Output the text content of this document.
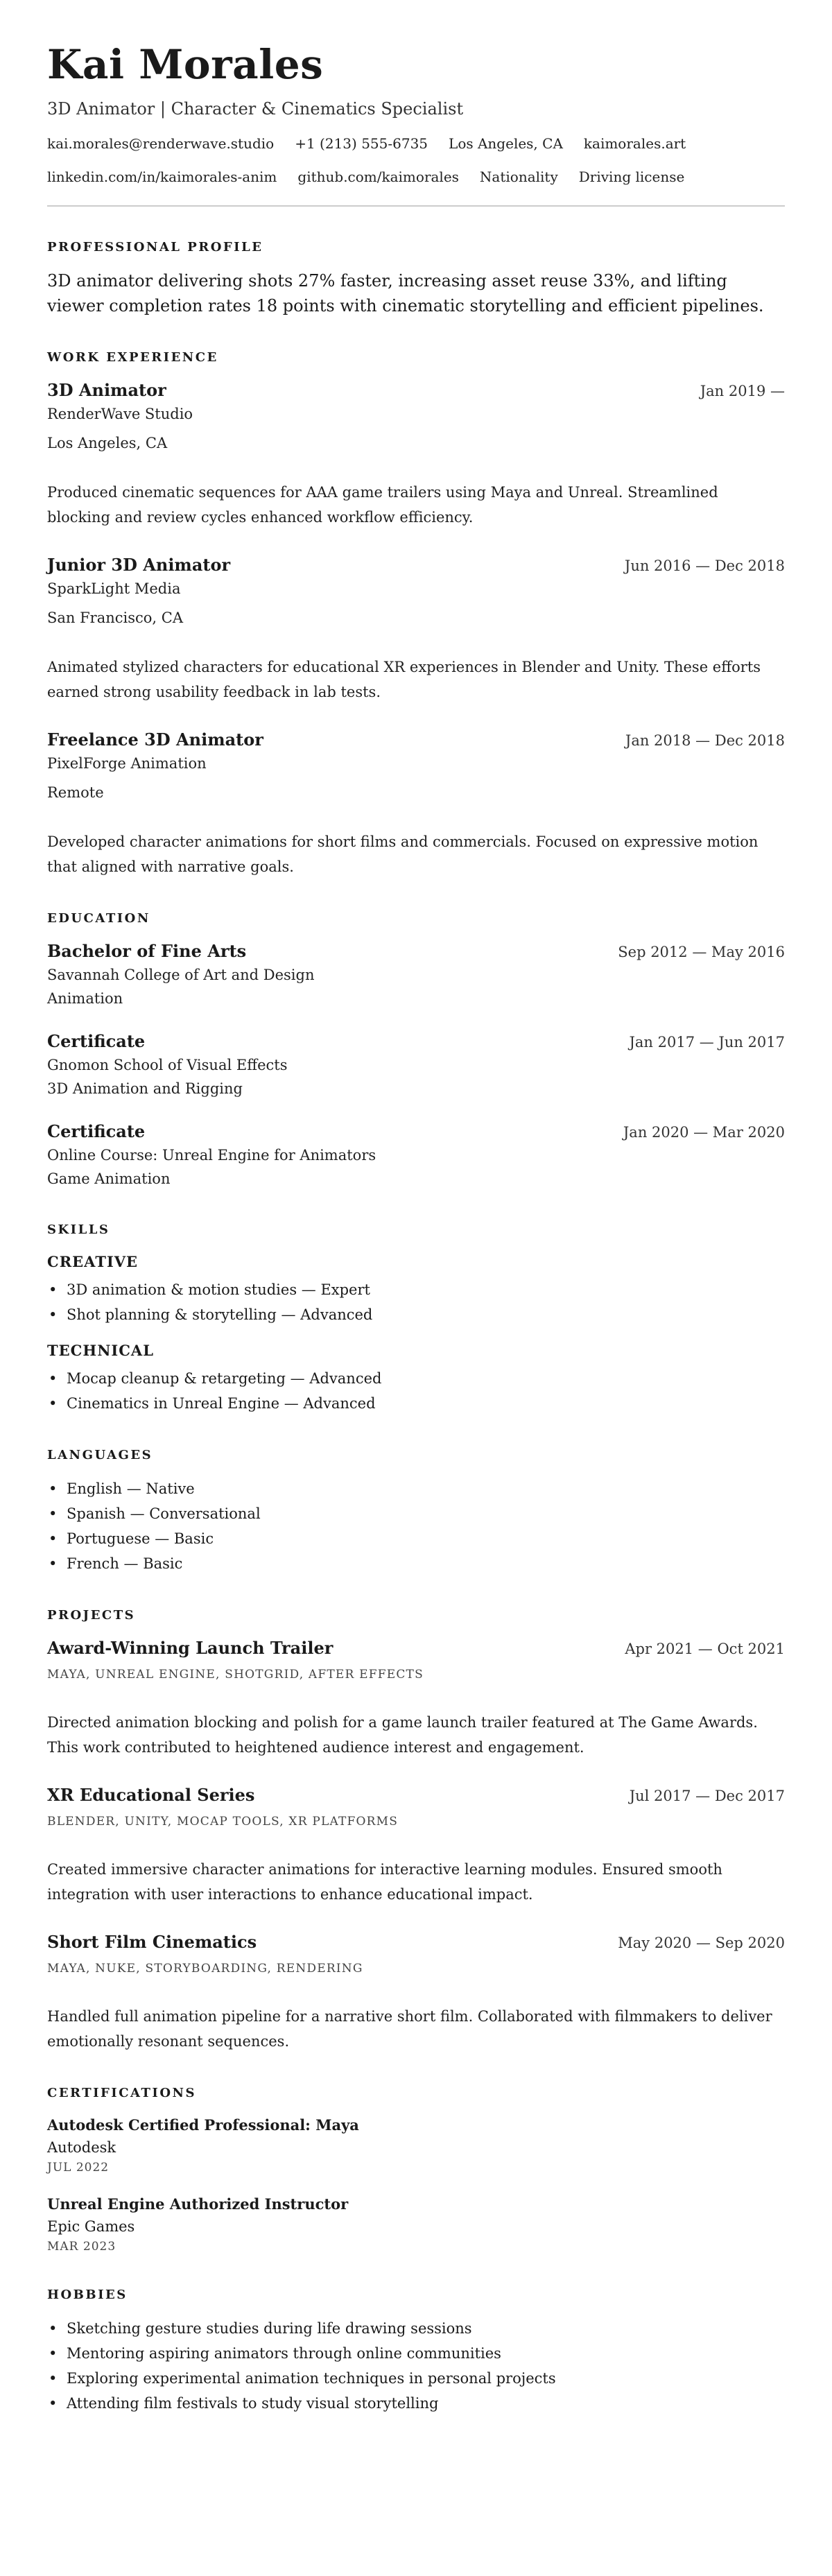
Kai Morales
3D Animator | Character & Cinematics Specialist
kai.morales@renderwave.studio +1 (213) 555-6735 Los Angeles, CA kaimorales.art
linkedin.com/in/kaimorales-anim github.com/kaimorales Nationality Driving license
PROFESSIONAL PROFILE

3D animator delivering shots 27% faster, increasing asset reuse 33%, and lifting viewer completion rates 18 points with cinematic storytelling and efficient pipelines.

WORK EXPERIENCE
3D Animator	Jan 2019 —
RenderWave Studio
Los Angeles, CA

Produced cinematic sequences for AAA game trailers using Maya and Unreal. Streamlined blocking and review cycles enhanced workflow efficiency.

Junior 3D Animator	Jun 2016 — Dec 2018
SparkLight Media
San Francisco, CA

Animated stylized characters for educational XR experiences in Blender and Unity. These efforts earned strong usability feedback in lab tests.

Freelance 3D Animator	Jan 2018 — Dec 2018
PixelForge Animation
Remote

Developed character animations for short films and commercials. Focused on expressive motion that aligned with narrative goals.

EDUCATION
Bachelor of Fine Arts	Sep 2012 — May 2016
Savannah College of Art and Design
Animation
Certificate	Jan 2017 — Jun 2017
Gnomon School of Visual Effects
3D Animation and Rigging
Certificate	Jan 2020 — Mar 2020
Online Course: Unreal Engine for Animators
Game Animation
SKILLS
CREATIVE
• 3D animation & motion studies — Expert
• Shot planning & storytelling — Advanced
TECHNICAL
• Mocap cleanup & retargeting — Advanced
• Cinematics in Unreal Engine — Advanced
LANGUAGES
• English — Native
• Spanish — Conversational
• Portuguese — Basic
• French — Basic
PROJECTS
Award-Winning Launch Trailer	Apr 2021 — Oct 2021
MAYA, UNREAL ENGINE, SHOTGRID, AFTER EFFECTS

Directed animation blocking and polish for a game launch trailer featured at The Game Awards. This work contributed to heightened audience interest and engagement.

XR Educational Series	Jul 2017 — Dec 2017
BLENDER, UNITY, MOCAP TOOLS, XR PLATFORMS

Created immersive character animations for interactive learning modules. Ensured smooth integration with user interactions to enhance educational impact.

Short Film Cinematics	May 2020 — Sep 2020
MAYA, NUKE, STORYBOARDING, RENDERING

Handled full animation pipeline for a narrative short film. Collaborated with filmmakers to deliver emotionally resonant sequences.

CERTIFICATIONS
Autodesk Certified Professional: Maya
Autodesk
JUL 2022
Unreal Engine Authorized Instructor
Epic Games
MAR 2023
HOBBIES
• Sketching gesture studies during life drawing sessions
• Mentoring aspiring animators through online communities
• Exploring experimental animation techniques in personal projects
• Attending film festivals to study visual storytelling
